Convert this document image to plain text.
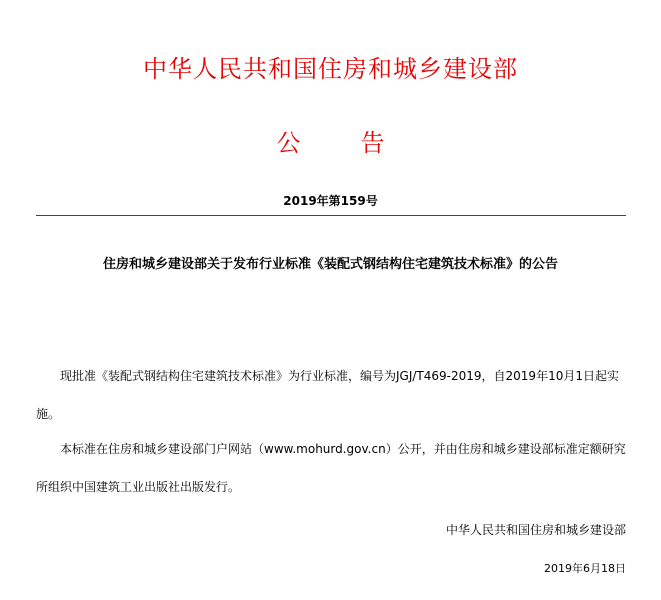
中华人民共和国住房和城乡建设部
公告
2019年第159号
住房和城乡建设部关于发布行业标准《装配式钢结构住宅建筑技术标准》的公告
现批准《装配式钢结构住宅建筑技术标准》为行业标准，编号为JGJ/T469-2019，自2019年10月1日起实施。
本标准在住房和城乡建设部门户网站（www.mohurd.gov.cn）公开，并由住房和城乡建设部标准定额研究所组织中国建筑工业出版社出版发行。
中华人民共和国住房和城乡建设部
2019年6月18日
